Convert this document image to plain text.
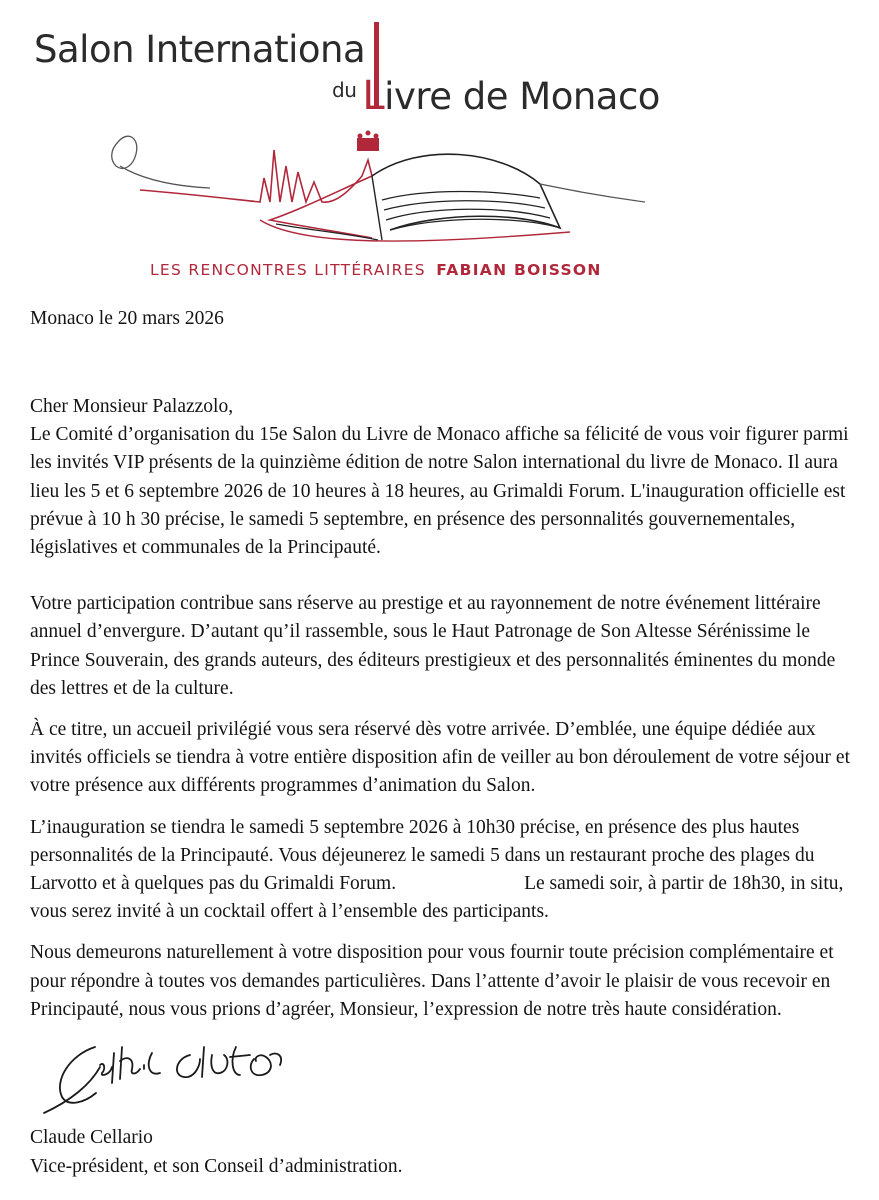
Salon Internationa
$^{du}$ Livre de Monaco
LES RENCONTRES LITTÉRAIRES FABIAN BOISSON
Monaco le 20 mars 2026

Cher Monsieur Palazzolo,

Le Comité d’organisation du 15e Salon du Livre de Monaco affiche sa félicité de vous voir figurer parmi les invités VIP présents de la quinzième édition de notre Salon international du livre de Monaco. Il aura lieu les 5 et 6 septembre 2026 de 10 heures à 18 heures, au Grimaldi Forum. L'inauguration officielle est prévue à 10 h 30 précise, le samedi 5 septembre, en présence des personnalités gouvernementales, législatives et communales de la Principauté.

Votre participation contribue sans réserve au prestige et au rayonnement de notre événement littéraire annuel d’envergure. D’autant qu’il rassemble, sous le Haut Patronage de Son Altesse Sérénissime le Prince Souverain, des grands auteurs, des éditeurs prestigieux et des personnalités éminentes du monde des lettres et de la culture.

À ce titre, un accueil privilégié vous sera réservé dès votre arrivée. D’emblée, une équipe dédiée aux invités officiels se tiendra à votre entière disposition afin de veiller au bon déroulement de votre séjour et votre présence aux différents programmes d’animation du Salon.

L’inauguration se tiendra le samedi 5 septembre 2026 à 10h30 précise, en présence des plus hautes personnalités de la Principauté. Vous déjeunerez le samedi 5 dans un restaurant proche des plages du Larvotto et à quelques pas du Grimaldi Forum.	Le samedi soir, à partir de 18h30, in situ, vous serez invité à un cocktail offert à l’ensemble des participants.

Nous demeurons naturellement à votre disposition pour vous fournir toute précision complémentaire et pour répondre à toutes vos demandes particulières. Dans l’attente d’avoir le plaisir de vous recevoir en Principauté, nous vous prions d’agréer, Monsieur, l’expression de notre très haute considération.

Claude Cellario
Vice-président, et son Conseil d’administration.
